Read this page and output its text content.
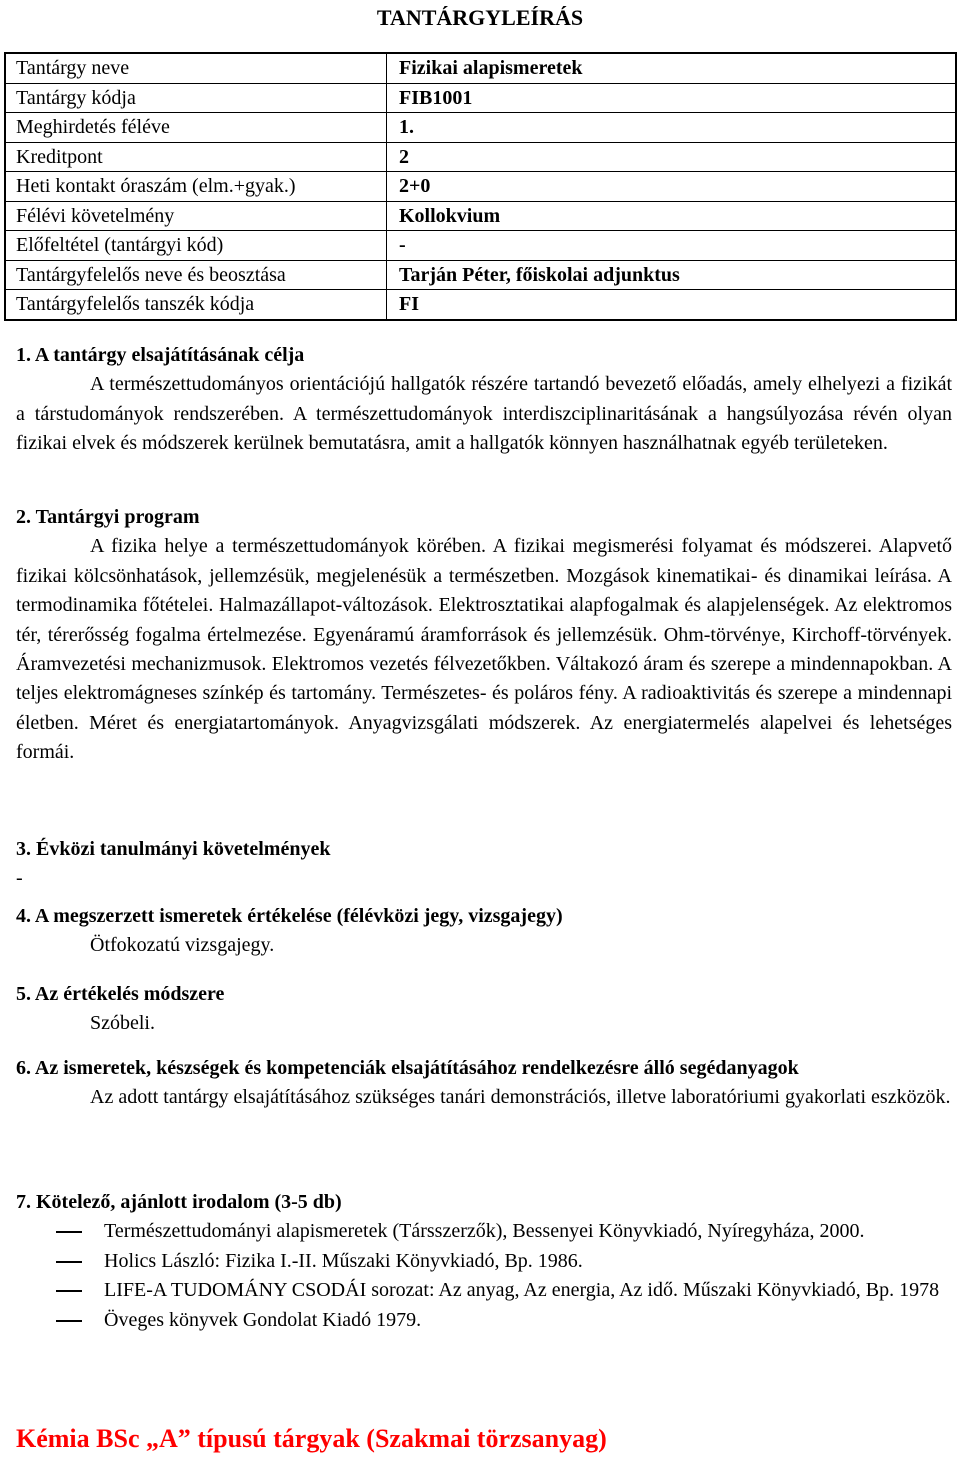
TANTÁRGYLEÍRÁS
Tantárgy neve	Fizikai alapismeretek
Tantárgy kódja	FIB1001
Meghirdetés féléve	1.
Kreditpont	2
Heti kontakt óraszám (elm.+gyak.)	2+0
Félévi követelmény	Kollokvium
Előfeltétel (tantárgyi kód)	-
Tantárgyfelelős neve és beosztása	Tarján Péter, főiskolai adjunktus
Tantárgyfelelős tanszék kódja	FI
1. A tantárgy elsajátításának célja

A természettudományos orientációjú hallgatók részére tartandó bevezető előadás, amely elhelyezi a fizikát a társtudományok rendszerében. A természettudományok interdiszciplinaritásának a hangsúlyozása révén olyan fizikai elvek és módszerek kerülnek bemutatásra, amit a hallgatók könnyen használhatnak egyéb területeken.

2. Tantárgyi program

A fizika helye a természettudományok körében. A fizikai megismerési folyamat és módszerei. Alapvető fizikai kölcsönhatások, jellemzésük, megjelenésük a természetben. Mozgások kinematikai- és dinamikai leírása. A termodinamika főtételei. Halmazállapot-változások. Elektrosztatikai alapfogalmak és alapjelenségek. Az elektromos tér, térerősség fogalma értelmezése. Egyenáramú áramforrások és jellemzésük. Ohm-törvénye, Kirchoff-törvények. Áramvezetési mechanizmusok. Elektromos vezetés félvezetőkben. Váltakozó áram és szerepe a mindennapokban. A teljes elektromágneses színkép és tartomány. Természetes- és poláros fény. A radioaktivitás és szerepe a mindennapi életben. Méret és energiatartományok. Anyagvizsgálati módszerek. Az energiatermelés alapelvei és lehetséges formái.

3. Évközi tanulmányi követelmények

-

4. A megszerzett ismeretek értékelése (félévközi jegy, vizsgajegy)

Ötfokozatú vizsgajegy.

5. Az értékelés módszere

Szóbeli.

6. Az ismeretek, készségek és kompetenciák elsajátításához rendelkezésre álló segédanyagok

Az adott tantárgy elsajátításához szükséges tanári demonstrációs, illetve laboratóriumi gyakorlati eszközök.

7. Kötelező, ajánlott irodalom (3-5 db)
Természettudományi alapismeretek (Társszerzők), Bessenyei Könyvkiadó, Nyíregyháza, 2000.
Holics László: Fizika I.-II. Műszaki Könyvkiadó, Bp. 1986.
LIFE-A TUDOMÁNY CSODÁI sorozat: Az anyag, Az energia, Az idő. Műszaki Könyvkiadó, Bp. 1978
Öveges könyvek Gondolat Kiadó 1979.
Kémia BSc „A” típusú tárgyak (Szakmai törzsanyag)
